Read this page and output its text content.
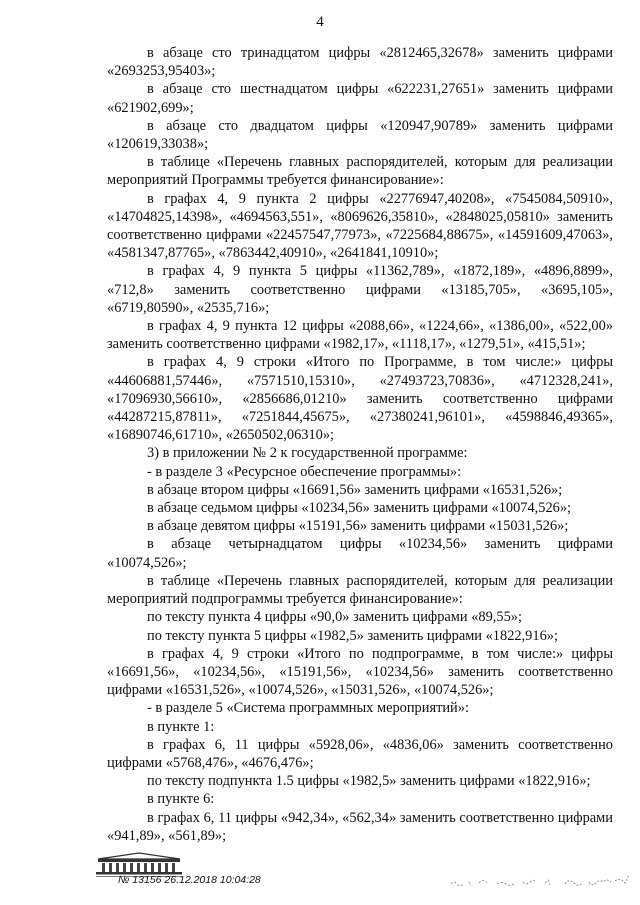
4

в абзаце сто тринадцатом цифры «2812465,32678» заменить цифрами «2693253,95403»;

в абзаце сто шестнадцатом цифры «622231,27651» заменить цифрами «621902,699»;

в абзаце сто двадцатом цифры «120947,90789» заменить цифрами «120619,33038»;

в таблице «Перечень главных распорядителей, которым для реализации мероприятий Программы требуется финансирование»:

в графах 4, 9 пункта 2 цифры «22776947,40208», «7545084,50910», «14704825,14398», «4694563,551», «8069626,35810», «2848025,05810» заменить соответственно цифрами «22457547,77973», «7225684,88675», «14591609,47063», «4581347,87765», «7863442,40910», «2641841,10910»;

в графах 4, 9 пункта 5 цифры «11362,789», «1872,189», «4896,8899», «712,8» заменить соответственно цифрами «13185,705», «3695,105», «6719,80590», «2535,716»;

в графах 4, 9 пункта 12 цифры «2088,66», «1224,66», «1386,00», «522,00» заменить соответственно цифрами «1982,17», «1118,17», «1279,51», «415,51»;

в графах 4, 9 строки «Итого по Программе, в том числе:» цифры «44606881,57446», «7571510,15310», «27493723,70836», «4712328,241», «17096930,56610», «2856686,01210» заменить соответственно цифрами «44287215,87811», «7251844,45675», «27380241,96101», «4598846,49365», «16890746,61710», «2650502,06310»;

3) в приложении № 2 к государственной программе:

- в разделе 3 «Ресурсное обеспечение программы»:

в абзаце втором цифры «16691,56» заменить цифрами «16531,526»;

в абзаце седьмом цифры «10234,56» заменить цифрами «10074,526»;

в абзаце девятом цифры «15191,56» заменить цифрами «15031,526»;

в абзаце четырнадцатом цифры «10234,56» заменить цифрами «10074,526»;

в таблице «Перечень главных распорядителей, которым для реализации мероприятий подпрограммы требуется финансирование»:

по тексту пункта 4 цифры «90,0» заменить цифрами «89,55»;

по тексту пункта 5 цифры «1982,5» заменить цифрами «1822,916»;

в графах 4, 9 строки «Итого по подпрограмме, в том числе:» цифры «16691,56», «10234,56», «15191,56», «10234,56» заменить соответственно цифрами «16531,526», «10074,526», «15031,526», «10074,526»;

- в разделе 5 «Система программных мероприятий»:

в пункте 1:

в графах 6, 11 цифры «5928,06», «4836,06» заменить соответственно цифрами «5768,476», «4676,476»;

по тексту подпункта 1.5 цифры «1982,5» заменить цифрами «1822,916»;

в пункте 6:

в графах 6, 11 цифры «942,34», «562,34» заменить соответственно цифрами «941,89», «561,89»;

№ 13156 26.12.2018 10:04:28
